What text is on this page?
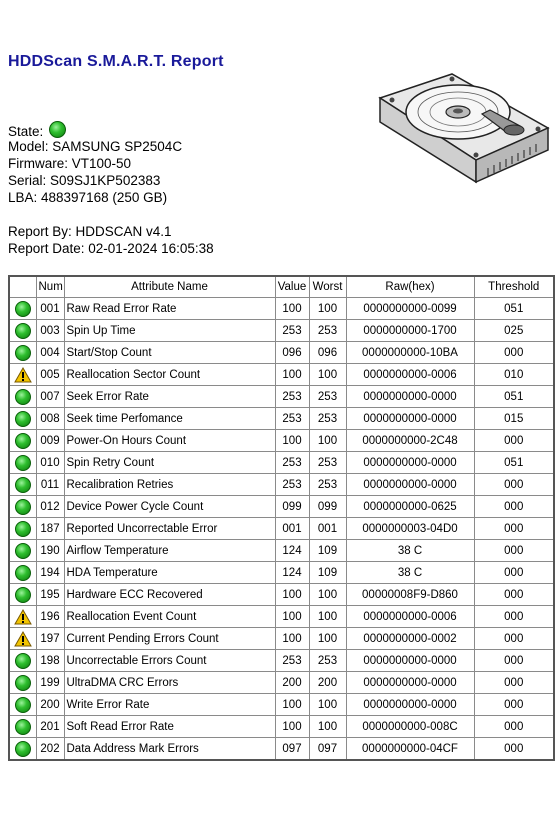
HDDScan S.M.A.R.T. Report
State:
Model: SAMSUNG SP2504C
Firmware: VT100-50
Serial: S09SJ1KP502383
LBA: 488397168 (250 GB)
Report By: HDDSCAN v4.1
Report Date: 02-01-2024 16:05:38
	Num	Attribute Name	Value	Worst	Raw(hex)	Threshold
	001	Raw Read Error Rate	100	100	0000000000-0099	051
	003	Spin Up Time	253	253	0000000000-1700	025
	004	Start/Stop Count	096	096	0000000000-10BA	000
	005	Reallocation Sector Count	100	100	0000000000-0006	010
	007	Seek Error Rate	253	253	0000000000-0000	051
	008	Seek time Perfomance	253	253	0000000000-0000	015
	009	Power-On Hours Count	100	100	0000000000-2C48	000
	010	Spin Retry Count	253	253	0000000000-0000	051
	011	Recalibration Retries	253	253	0000000000-0000	000
	012	Device Power Cycle Count	099	099	0000000000-0625	000
	187	Reported Uncorrectable Error	001	001	0000000003-04D0	000
	190	Airflow Temperature	124	109	38 C	000
	194	HDA Temperature	124	109	38 C	000
	195	Hardware ECC Recovered	100	100	00000008F9-D860	000
	196	Reallocation Event Count	100	100	0000000000-0006	000
	197	Current Pending Errors Count	100	100	0000000000-0002	000
	198	Uncorrectable Errors Count	253	253	0000000000-0000	000
	199	UltraDMA CRC Errors	200	200	0000000000-0000	000
	200	Write Error Rate	100	100	0000000000-0000	000
	201	Soft Read Error Rate	100	100	0000000000-008C	000
	202	Data Address Mark Errors	097	097	0000000000-04CF	000
